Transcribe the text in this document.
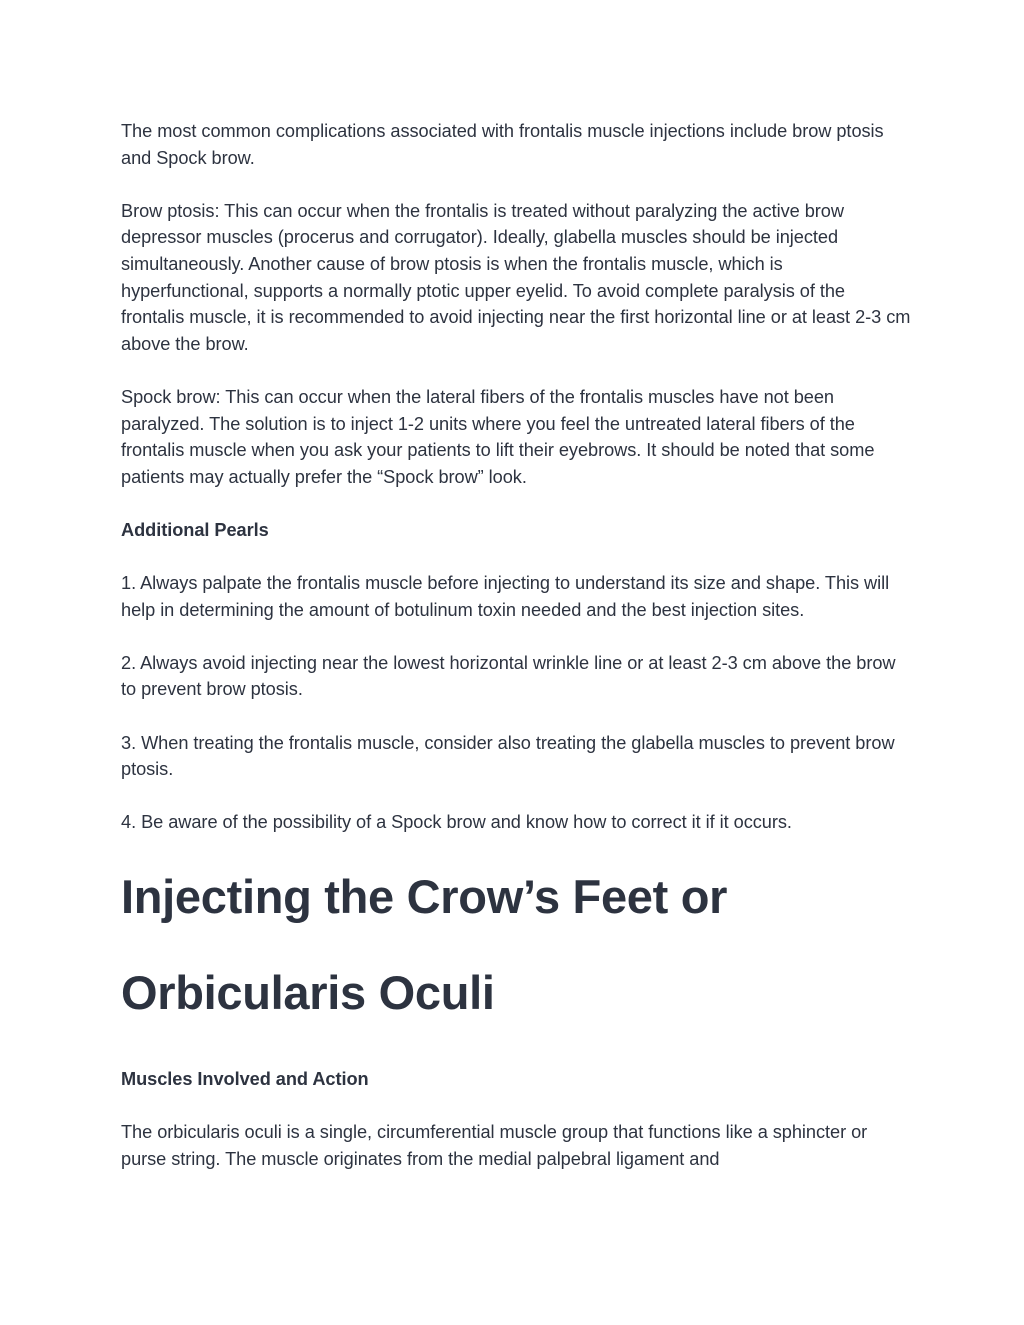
The most common complications associated with frontalis muscle injections include brow ptosis and Spock brow.

Brow ptosis: This can occur when the frontalis is treated without paralyzing the active brow depressor muscles (procerus and corrugator). Ideally, glabella muscles should be injected simultaneously. Another cause of brow ptosis is when the frontalis muscle, which is hyperfunctional, supports a normally ptotic upper eyelid. To avoid complete paralysis of the frontalis muscle, it is recommended to avoid injecting near the first horizontal line or at least 2-3 cm above the brow.

Spock brow: This can occur when the lateral fibers of the frontalis muscles have not been paralyzed. The solution is to inject 1-2 units where you feel the untreated lateral fibers of the frontalis muscle when you ask your patients to lift their eyebrows. It should be noted that some patients may actually prefer the “Spock brow” look.

Additional Pearls

1. Always palpate the frontalis muscle before injecting to understand its size and shape. This will help in determining the amount of botulinum toxin needed and the best injection sites.

2. Always avoid injecting near the lowest horizontal wrinkle line or at least 2-3 cm above the brow to prevent brow ptosis.

3. When treating the frontalis muscle, consider also treating the glabella muscles to prevent brow ptosis.

4. Be aware of the possibility of a Spock brow and know how to correct it if it occurs.

Injecting the Crow’s Feet or Orbicularis Oculi

Muscles Involved and Action

The orbicularis oculi is a single, circumferential muscle group that functions like a sphincter or purse string. The muscle originates from the medial palpebral ligament and
